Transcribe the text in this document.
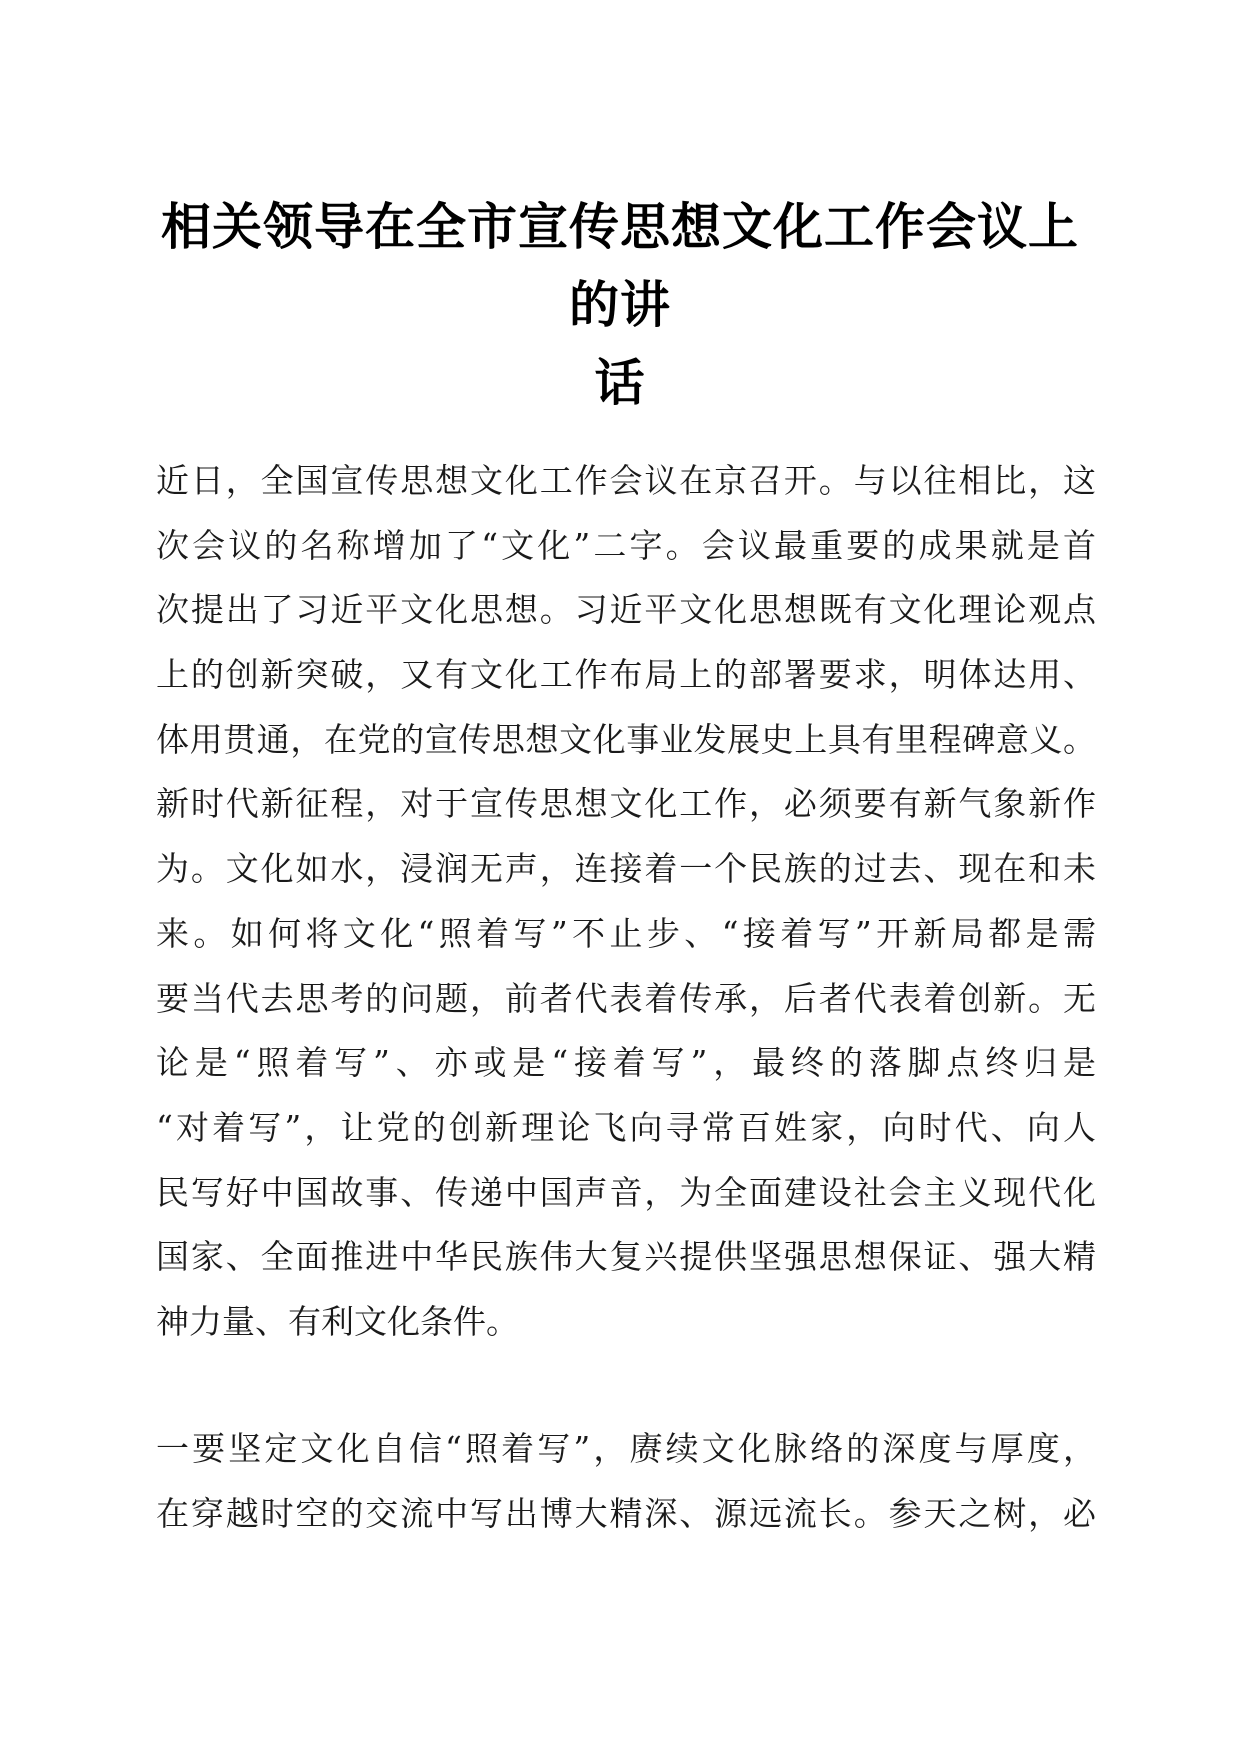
相关领导在全市宣传思想文化工作会议上的讲
话
近日，全国宣传思想文化工作会议在京召开。与以往相比，这
次会议的名称增加了“文化”二字。会议最重要的成果就是首
次提出了习近平文化思想。习近平文化思想既有文化理论观点
上的创新突破，又有文化工作布局上的部署要求，明体达用、
体用贯通，在党的宣传思想文化事业发展史上具有里程碑意义。
新时代新征程，对于宣传思想文化工作，必须要有新气象新作
为。文化如水，浸润无声，连接着一个民族的过去、现在和未
来。如何将文化“照着写”不止步、“接着写”开新局都是需
要当代去思考的问题，前者代表着传承，后者代表着创新。无
论是“照着写”、亦或是“接着写”，最终的落脚点终归是
“对着写”，让党的创新理论飞向寻常百姓家，向时代、向人
民写好中国故事、传递中国声音，为全面建设社会主义现代化
国家、全面推进中华民族伟大复兴提供坚强思想保证、强大精
神力量、有利文化条件。
一要坚定文化自信“照着写”，赓续文化脉络的深度与厚度，
在穿越时空的交流中写出博大精深、源远流长。参天之树，必
